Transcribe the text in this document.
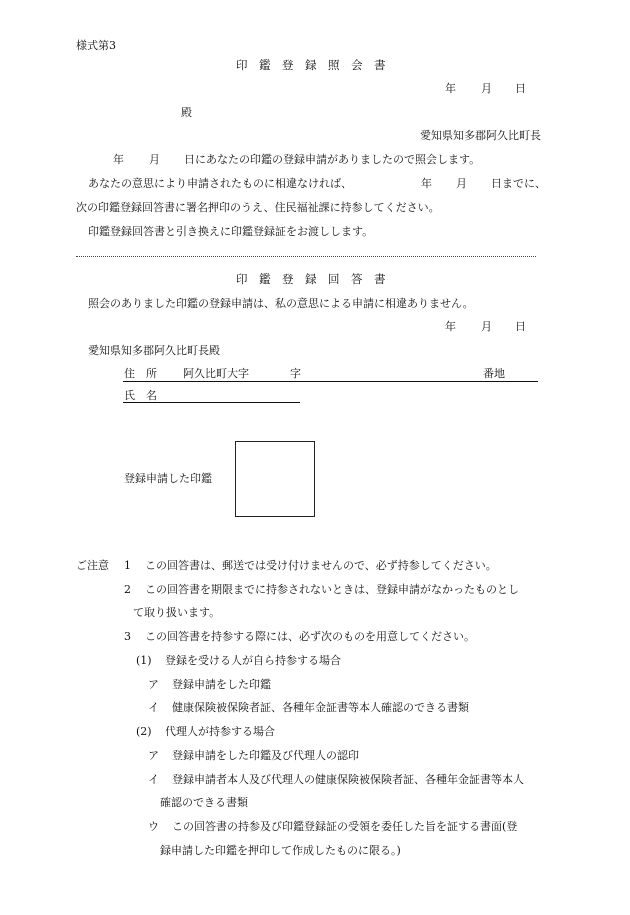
様式第3
印　鑑　登　録　照　会　書
年 月 日
殿
愛知県知多郡阿久比町長
年 月 日にあなたの印鑑の登録申請がありましたので照会します。
あなたの意思により申請されたものに相違なければ、	年 月 日までに、
次の印鑑登録回答書に署名押印のうえ、住民福祉課に持参してください。
印鑑登録回答書と引き換えに印鑑登録証をお渡しします。
印　鑑　登　録　回　答　書
照会のありました印鑑の登録申請は、私の意思による申請に相違ありません。
年 月 日
愛知県知多郡阿久比町長殿
住　所 阿久比町大字	字	番地
氏　名
登録申請した印鑑
ご注意 1 この回答書は、郵送では受け付けませんので、必ず持参してください。
2 この回答書を期限までに持参されないときは、登録申請がなかったものとし
て取り扱います。
3 この回答書を持参する際には、必ず次のものを用意してください。
(1) 登録を受ける人が自ら持参する場合
ア 登録申請をした印鑑
イ 健康保険被保険者証、各種年金証書等本人確認のできる書類
(2) 代理人が持参する場合
ア 登録申請をした印鑑及び代理人の認印
イ 登録申請者本人及び代理人の健康保険被保険者証、各種年金証書等本人
確認のできる書類
ウ この回答書の持参及び印鑑登録証の受領を委任した旨を証する書面(登
録申請した印鑑を押印して作成したものに限る。)
